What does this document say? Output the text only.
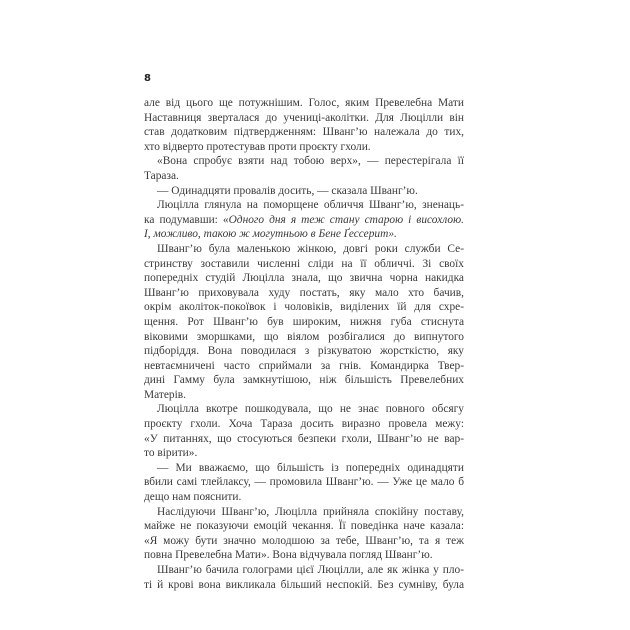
8
але від цього ще потужнішим. Голос, яким Превелебна Мати
Наставниця зверталася до учениці-аколітки. Для Люцілли він
став додатковим підтвердженням: Шванг’ю належала до тих,
хто відверто протестував проти проєкту гхоли.
«Вона спробує взяти над тобою верх», — перестерігала її
Тараза.
— Одинадцяти провалів досить, — сказала Шванг’ю.
Люцілла глянула на поморщене обличчя Шванг’ю, зненаць-
ка подумавши: «Одного дня я теж стану старою і висохлою.
І, можливо, такою ж могутньою в Бене Ґессерит».
Шванг’ю була маленькою жінкою, довгі роки служби Се-
стринству зоставили численні сліди на її обличчі. Зі своїх
попередніх студій Люцілла знала, що звична чорна накидка
Шванг’ю приховувала худу постать, яку мало хто бачив,
окрім аколіток-покоївок і чоловіків, виділених їй для схре-
щення. Рот Шванг’ю був широким, нижня губа стиснута
віковими зморшками, що віялом розбігалися до випнутого
підборіддя. Вона поводилася з різкуватою жорсткістю, яку
невтаємничені часто сприймали за гнів. Командирка Твер-
дині Гамму була замкнутішою, ніж більшість Превелебних
Матерів.
Люцілла вкотре пошкодувала, що не знає повного обсягу
проєкту гхоли. Хоча Тараза досить виразно провела межу:
«У питаннях, що стосуються безпеки гхоли, Шванг’ю не вар-
то вірити».
— Ми вважаємо, що більшість із попередніх одинадцяти
вбили самі тлейлаксу, — промовила Шванг’ю. — Уже це мало б
дещо нам пояснити.
Наслідуючи Шванг’ю, Люцілла прийняла спокійну поставу,
майже не показуючи емоцій чекання. Її поведінка наче казала:
«Я можу бути значно молодшою за тебе, Шванг’ю, та я теж
повна Превелебна Мати». Вона відчувала погляд Шванг’ю.
Шванг’ю бачила голограми цієї Люцілли, але як жінка у пло-
ті й крові вона викликала більший неспокій. Без сумніву, була
